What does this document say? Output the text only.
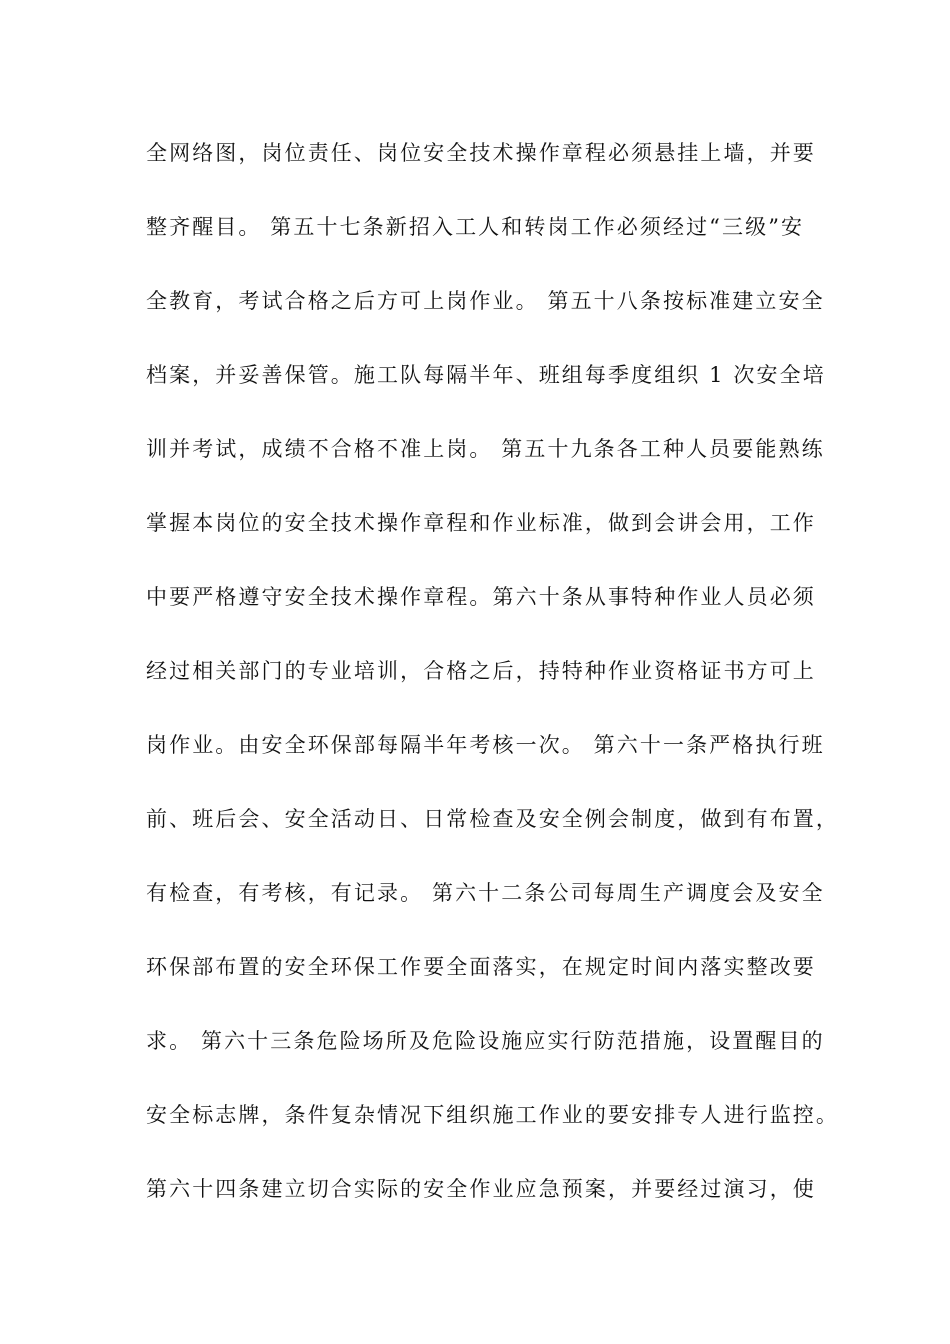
全网络图，岗位责任、岗位安全技术操作章程必须悬挂上墙，并要
整齐醒目。 第五十七条新招入工人和转岗工作必须经过“三级”安
全教育，考试合格之后方可上岗作业。 第五十八条按标准建立安全
档案，并妥善保管。施工队每隔半年、班组每季度组织 1 次安全培
训并考试，成绩不合格不准上岗。 第五十九条各工种人员要能熟练
掌握本岗位的安全技术操作章程和作业标准，做到会讲会用，工作
中要严格遵守安全技术操作章程。第六十条从事特种作业人员必须
经过相关部门的专业培训，合格之后，持特种作业资格证书方可上
岗作业。由安全环保部每隔半年考核一次。 第六十一条严格执行班
前、班后会、安全活动日、日常检查及安全例会制度，做到有布置，
有检查，有考核，有记录。 第六十二条公司每周生产调度会及安全
环保部布置的安全环保工作要全面落实，在规定时间内落实整改要
求。 第六十三条危险场所及危险设施应实行防范措施，设置醒目的
安全标志牌，条件复杂情况下组织施工作业的要安排专人进行监控。
第六十四条建立切合实际的安全作业应急预案，并要经过演习，使
